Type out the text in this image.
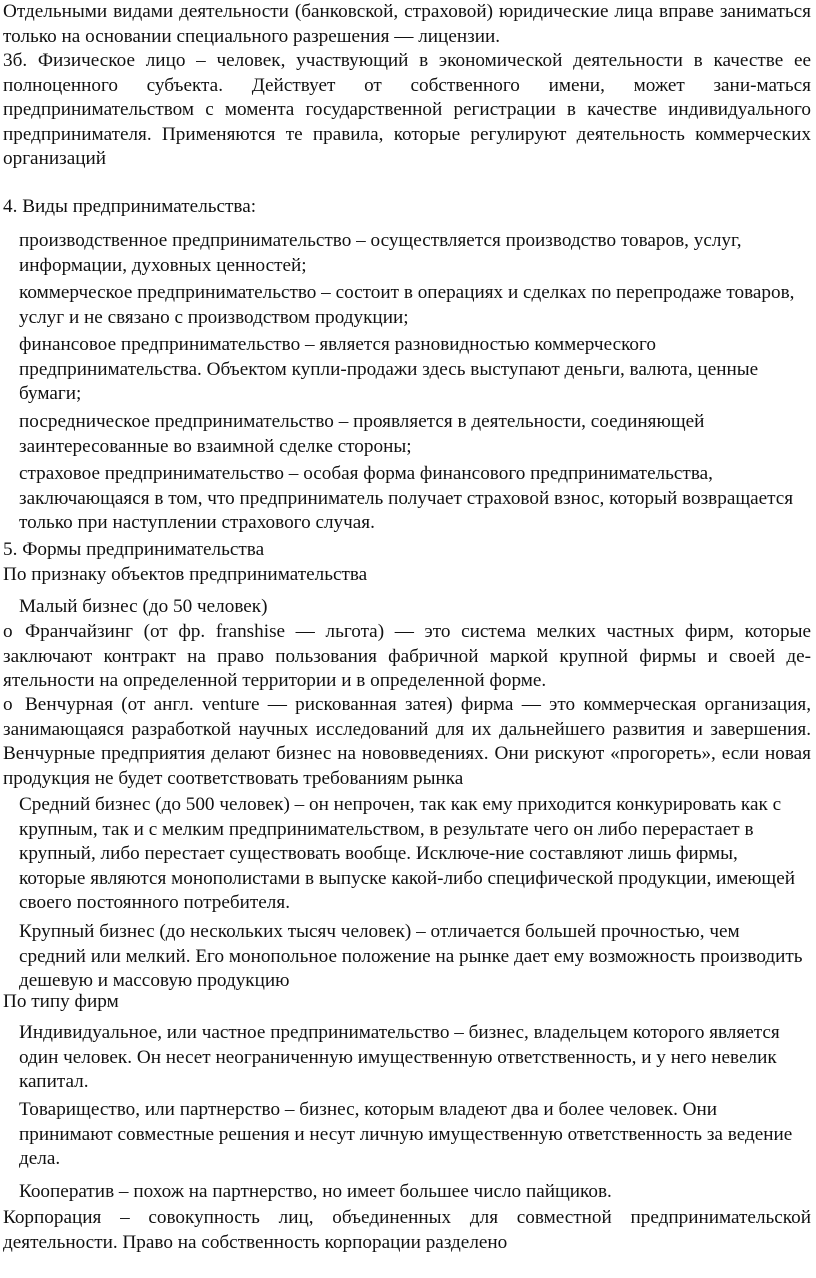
Отдельными видами деятельности (банковской, страховой) юридические лица вправе заниматься только на основании специального разрешения — лицензии.

3б. Физическое лицо – человек, участвующий в экономической деятельности в качестве ее полноценного субъекта. Действует от собственного имени, может зани-маться предпринимательством с момента государственной регистрации в качестве индивидуального предпринимателя. Применяются те правила, которые регулируют деятельность коммерческих организаций

4. Виды предпринимательства:

производственное предпринимательство – осуществляется производство товаров, услуг, информации, духовных ценностей;

коммерческое предпринимательство – состоит в операциях и сделках по перепродаже товаров, услуг и не связано с производством продукции;

финансовое предпринимательство – является разновидностью коммерческого предпринимательства. Объектом купли-продажи здесь выступают деньги, валюта, ценные бумаги;

посредническое предпринимательство – проявляется в деятельности, соединяющей заинтересованные во взаимной сделке стороны;

страховое предпринимательство – особая форма финансового предпринимательства, заключающаяся в том, что предприниматель получает страховой взнос, который возвращается только при наступлении страхового случая.

5. Формы предпринимательства

По признаку объектов предпринимательства

Малый бизнес (до 50 человек)

o Франчайзинг (от фр. franshise — льгота) — это система мелких частных фирм, которые заключают контракт на право пользования фабричной маркой крупной фирмы и своей де-ятельности на определенной территории и в определенной форме.

o Венчурная (от англ. venture — рискованная затея) фирма — это коммерческая организация, занимающаяся разработкой научных исследований для их дальнейшего развития и завершения. Венчурные предприятия делают бизнес на нововведениях. Они рискуют «прогореть», если новая продукция не будет соответствовать требованиям рынка

Средний бизнес (до 500 человек) – он непрочен, так как ему приходится конкурировать как с крупным, так и с мелким предпринимательством, в результате чего он либо перерастает в крупный, либо перестает существовать вообще. Исключе-ние составляют лишь фирмы, которые являются монополистами в выпуске какой-либо специфической продукции, имеющей своего постоянного потребителя.

Крупный бизнес (до нескольких тысяч человек) – отличается большей прочностью, чем средний или мелкий. Его монопольное положение на рынке дает ему возможность производить дешевую и массовую продукцию

По типу фирм

Индивидуальное, или частное предпринимательство – бизнес, владельцем которого является один человек. Он несет неограниченную имущественную ответственность, и у него невелик капитал.

Товарищество, или партнерство – бизнес, которым владеют два и более человек. Они принимают совместные решения и несут личную имущественную ответственность за ведение дела.

Кооператив – похож на партнерство, но имеет большее число пайщиков.

Корпорация – совокупность лиц, объединенных для совместной предпринимательской деятельности. Право на собственность корпорации разделено
